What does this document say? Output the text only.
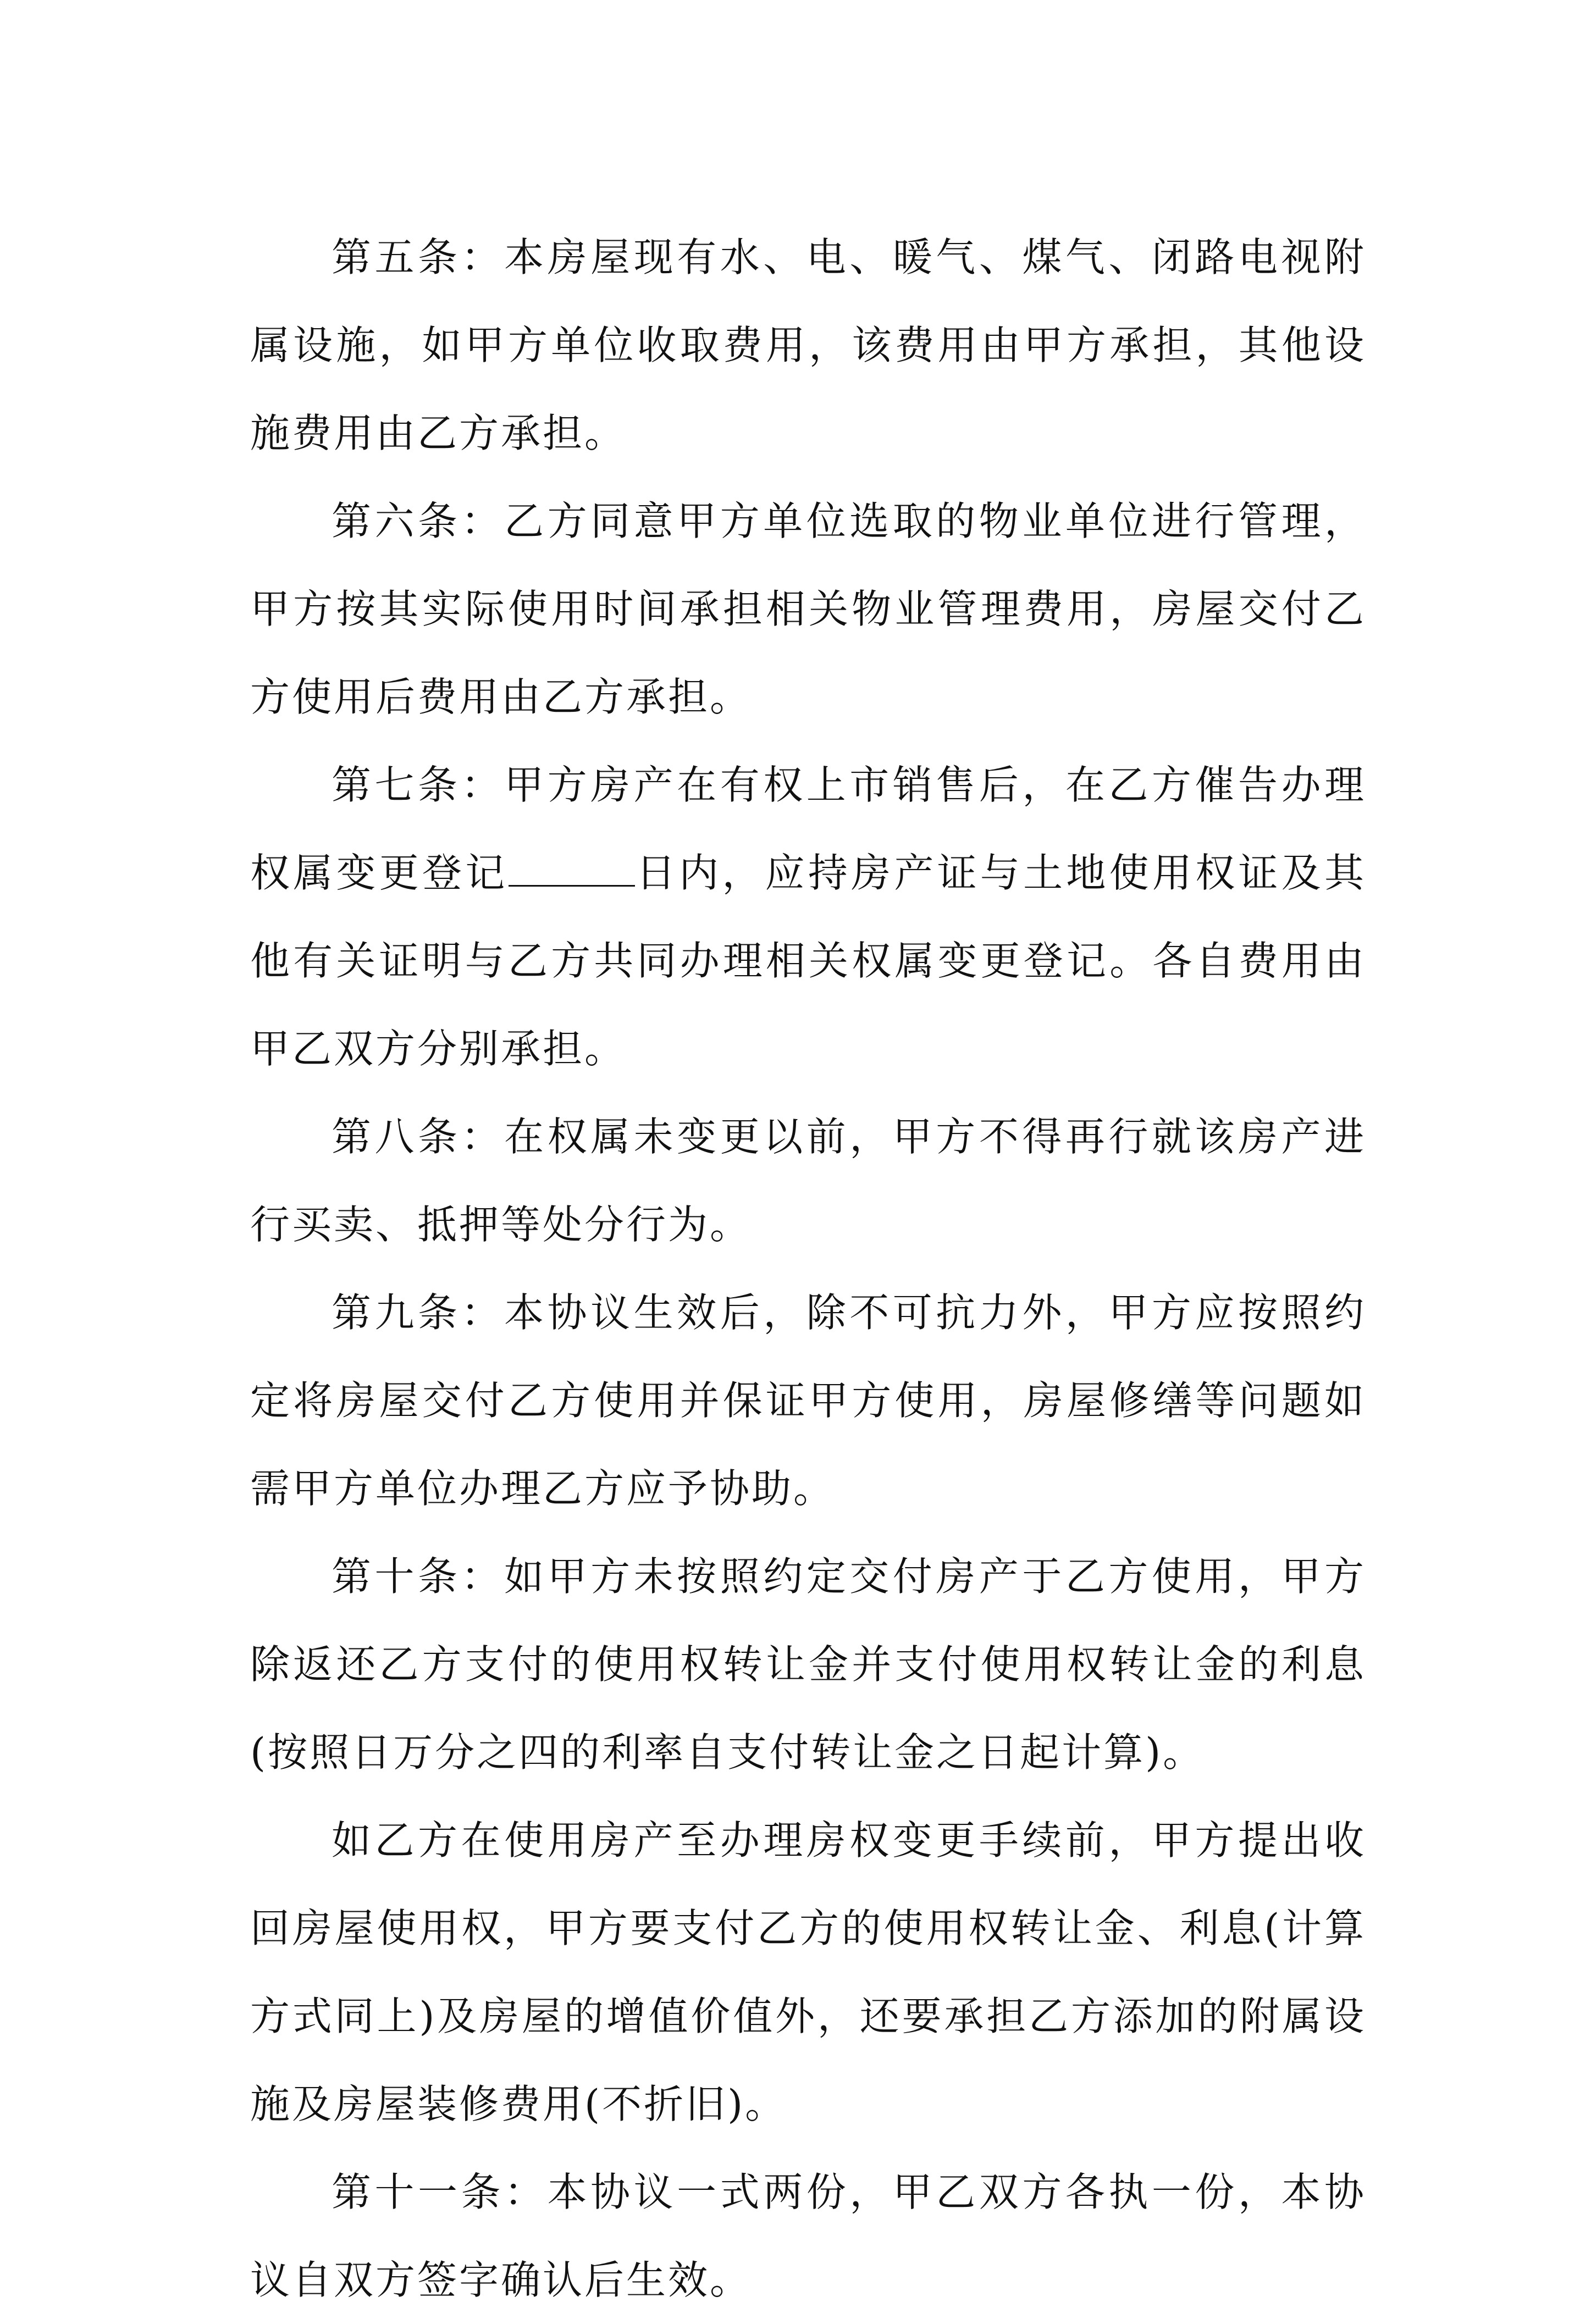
第五条：本房屋现有水、电、暖气、煤气、闭路电视附属设施，如甲方单位收取费用，该费用由甲方承担，其他设施费用由乙方承担。

第六条：乙方同意甲方单位选取的物业单位进行管理，甲方按其实际使用时间承担相关物业管理费用，房屋交付乙方使用后费用由乙方承担。

第七条：甲方房产在有权上市销售后，在乙方催告办理权属变更登记	日内，应持房产证与土地使用权证及其他有关证明与乙方共同办理相关权属变更登记。各自费用由甲乙双方分别承担。

第八条：在权属未变更以前，甲方不得再行就该房产进行买卖、抵押等处分行为。

第九条：本协议生效后，除不可抗力外，甲方应按照约定将房屋交付乙方使用并保证甲方使用，房屋修缮等问题如需甲方单位办理乙方应予协助。

第十条：如甲方未按照约定交付房产于乙方使用，甲方除返还乙方支付的使用权转让金并支付使用权转让金的利息(按照日万分之四的利率自支付转让金之日起计算)。

如乙方在使用房产至办理房权变更手续前，甲方提出收回房屋使用权，甲方要支付乙方的使用权转让金、利息(计算方式同上)及房屋的增值价值外，还要承担乙方添加的附属设施及房屋装修费用(不折旧)。

第十一条：本协议一式两份，甲乙双方各执一份，本协议自双方签字确认后生效。
